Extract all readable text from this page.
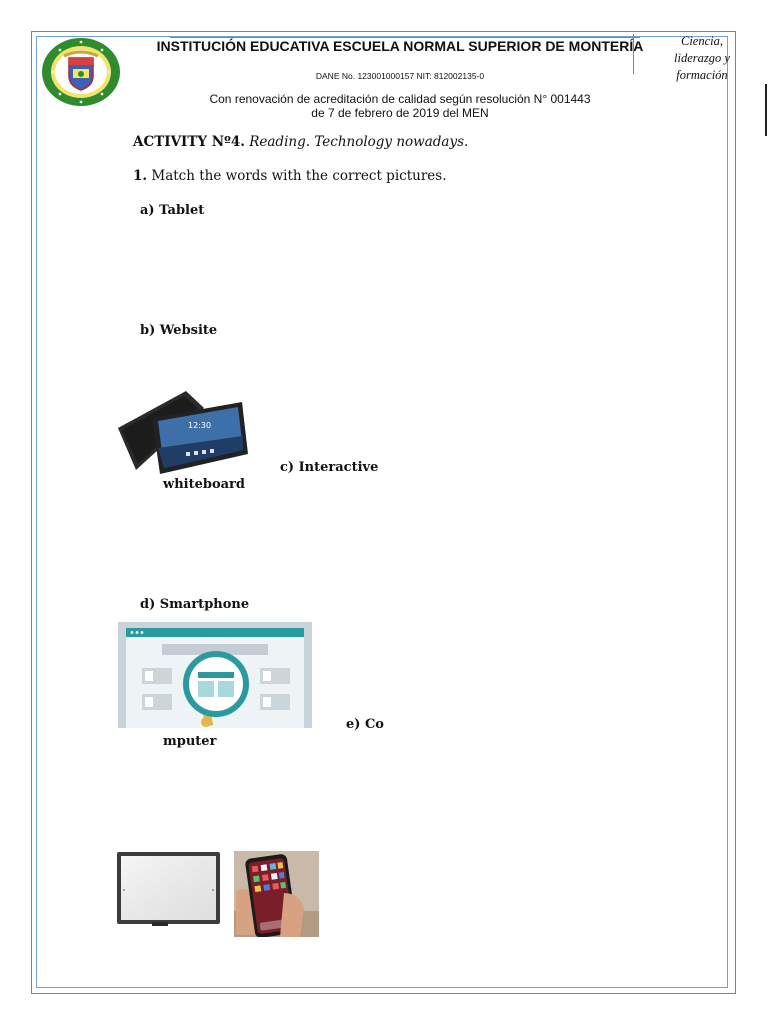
INSTITUCIÓN EDUCATIVA ESCUELA NORMAL SUPERIOR DE MONTERÍA
DANE No. 123001000157 NIT: 812002135-0
Con renovación de acreditación de calidad según resolución N° 001443
de 7 de febrero de 2019 del MEN
Ciencia,
liderazgo y
formación
ACTIVITY Nº4. Reading. Technology nowadays.
1. Match the words with the correct pictures.
a) Tablet
b) Website
c) Interactive
whiteboard
d) Smartphone
e) Co
mputer
12:30
